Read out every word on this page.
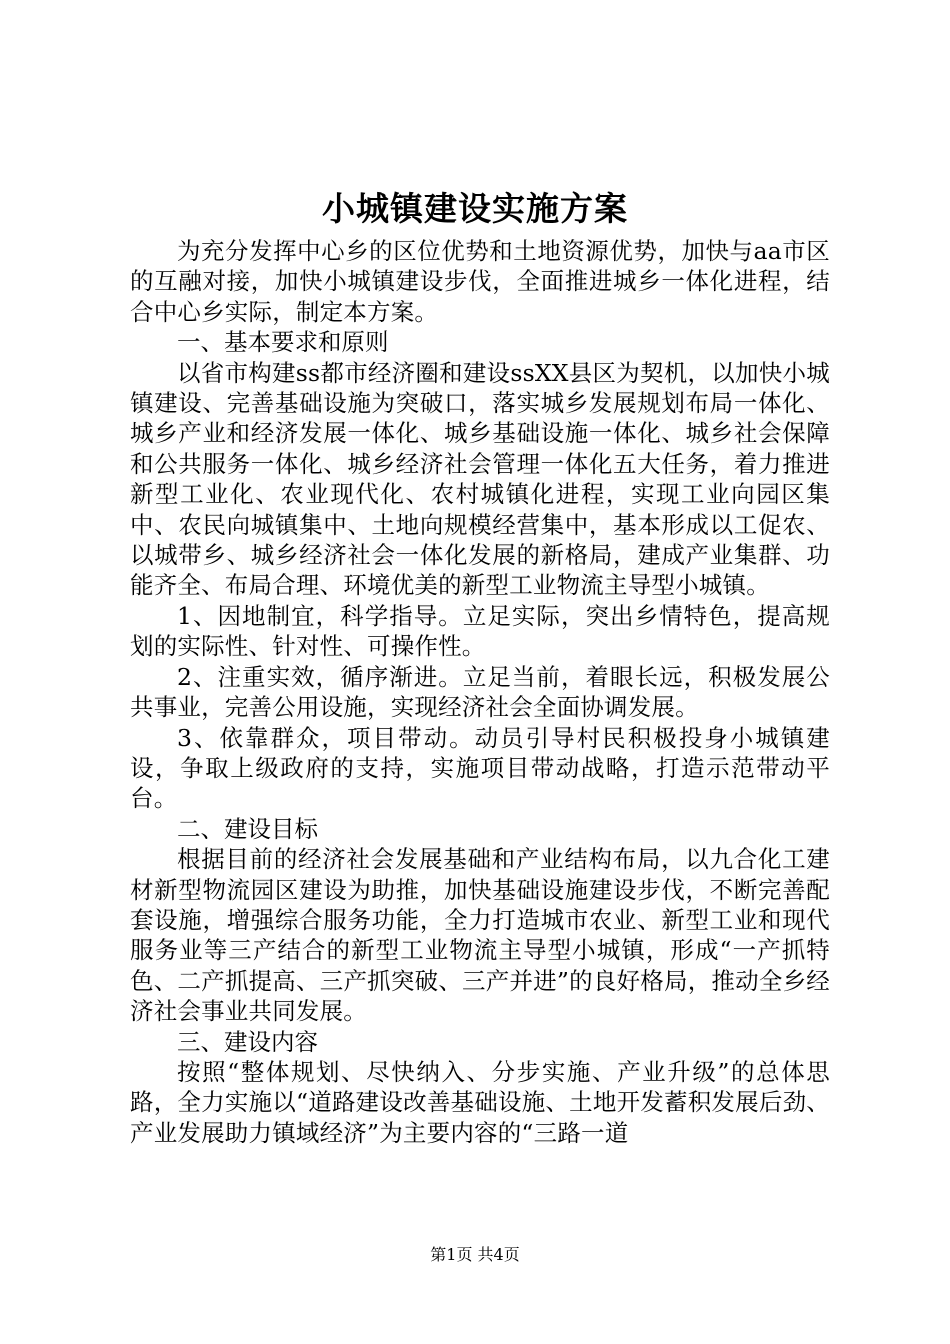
小城镇建设实施方案

为充分发挥中心乡的区位优势和土地资源优势，加快与aa市区的互融对接，加快小城镇建设步伐，全面推进城乡一体化进程，结合中心乡实际，制定本方案。

一、基本要求和原则

以省市构建ss都市经济圈和建设ssXX县区为契机，以加快小城镇建设、完善基础设施为突破口，落实城乡发展规划布局一体化、城乡产业和经济发展一体化、城乡基础设施一体化、城乡社会保障和公共服务一体化、城乡经济社会管理一体化五大任务，着力推进新型工业化、农业现代化、农村城镇化进程，实现工业向园区集中、农民向城镇集中、土地向规模经营集中，基本形成以工促农、以城带乡、城乡经济社会一体化发展的新格局，建成产业集群、功能齐全、布局合理、环境优美的新型工业物流主导型小城镇。

1、因地制宜，科学指导。立足实际，突出乡情特色，提高规划的实际性、针对性、可操作性。

2、注重实效，循序渐进。立足当前，着眼长远，积极发展公共事业，完善公用设施，实现经济社会全面协调发展。

3、依靠群众，项目带动。动员引导村民积极投身小城镇建设，争取上级政府的支持，实施项目带动战略，打造示范带动平台。

二、建设目标

根据目前的经济社会发展基础和产业结构布局，以九合化工建材新型物流园区建设为助推，加快基础设施建设步伐，不断完善配套设施，增强综合服务功能，全力打造城市农业、新型工业和现代服务业等三产结合的新型工业物流主导型小城镇，形成“一产抓特色、二产抓提高、三产抓突破、三产并进”的良好格局，推动全乡经济社会事业共同发展。

三、建设内容

按照“整体规划、尽快纳入、分步实施、产业升级”的总体思路，全力实施以“道路建设改善基础设施、土地开发蓄积发展后劲、产业发展助力镇域经济”为主要内容的“三路一道

第1页 共4页
